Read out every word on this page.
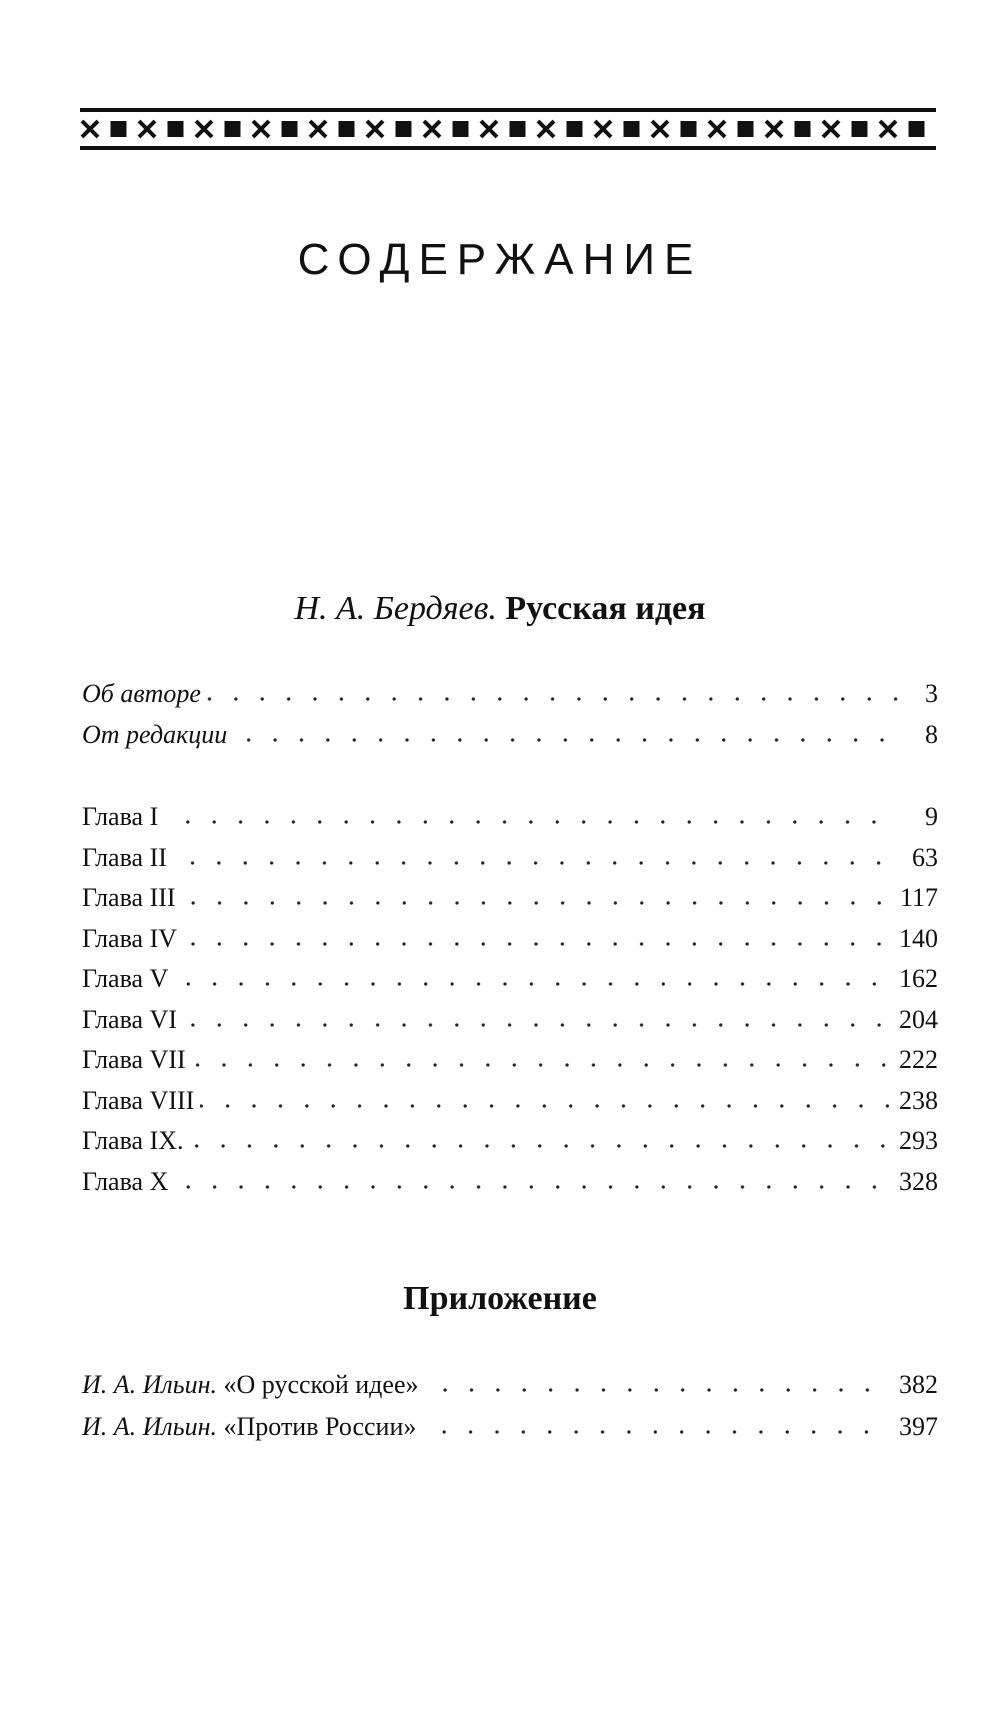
СОДЕРЖАНИЕ
Н. А. Бердяев. Русская идея
Об авторе	3
От редакции	8
Глава I	9
Глава II	63
Глава III	117
Глава IV	140
Глава V	162
Глава VI	204
Глава VII	222
Глава VIII	238
Глава IX.	293
Глава X	328
Приложение
И. А. Ильин. «О русской идее»	382
И. А. Ильин. «Против России»	397
